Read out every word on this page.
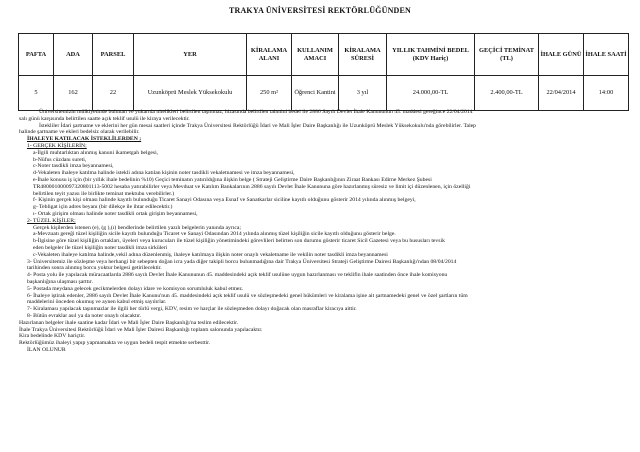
TRAKYA ÜNİVERSİTESİ REKTÖRLÜĞÜNDEN
PAFTA	ADA	PARSEL	YER	KİRALAMA ALANI	KULLANIM AMACI	KİRALAMA SÜRESİ	YILLIK TAHMİNİ BEDEL (KDV Hariç)	GEÇİCİ TEMİNAT (TL)	İHALE GÜNÜ	İHALE SAATİ
5	162	22	Uzunköprü Meslek Yüksekokulu	250 m²	Öğrenci Kantini	3 yıl	24.000,00-TL	2.400,00-TL	22/04/2014	14:00

Üniversitemizin mülkiyetinde bulunan ve yukarıda nitelikleri belirtilen taşınmaz, hizasında belirtilen tahmini bedel ile 2886 Sayılı Devlet İhale Kanununun 45. maddesi gereğince 22/04/2014

salı günü karşısında belirtilen saatte açık teklif usulü ile kiraya verilecektir.

İstekliler İdari şartname ve eklerini her gün mesai saatleri içinde Trakya Üniversitesi Rektörlüğü İdari ve Mali İşler Daire Başkanlığı ile Uzunköprü Meslek Yüksekokulu'nda görebilirler. Talep

halinde şartname ve ekleri bedelsiz olarak verilebilir.

İHALEYE KATILACAK İSTEKLİLERDEN ;

1- GERÇEK KİŞİLERİN;

a-İlgili muhtarlıktan alınmış kanuni ikametgah belgesi,

b-Nüfus cüzdanı sureti,

c-Noter tasdikli imza beyannamesi,

d-Vekaleten ihaleye katılma halinde istekli adına katılan kişinin noter tasdikli vekaletnamesi ve imza beyannamesi,

e-İhale konusu iş için (bir yıllık ihale bedelinin %10) Geçici teminatın yatırıldığına ilişkin belge ( Strateji Geliştirme Daire Başkanlığının Ziraat Bankası Edirne Merkez Şubesi

TR480001000097320801113-5002 hesaba yatırabilirler veya Mevduat ve Katılım Bankalarının 2886 sayılı Devlet İhale Kanununa göre hazırlanmış süresiz ve limit içi düzenlenen, için özelliği

belirtilen teyit yazısı ile birlikte teminat mektubu verebilirler.)

f- Kişinin gerçek kişi olması halinde kayıtlı bulunduğu Ticaret Sanayi Odasına veya Esnaf ve Sanatkarlar siciline kayıtlı olduğunu gösterir 2014 yılında alınmış belgeyi,

g- Tebligat için adres beyanı (bir dilekçe ile ihtar edilecektir.)

ı- Ortak girişim olması halinde noter tasdikli ortak girişim beyannamesi,

2- TÜZEL KİŞİLER;

Gerçek kişilerden istenen (e), (g ),(ı) bendlerinde belirtilen yazılı belgelerin yanında ayrıca;

a-Mevzuatı gereği tüzel kişiliğin sicile kayıtlı bulunduğu Ticaret ve Sanayi Odasından 2014 yılında alınmış tüzel kişiliğin sicile kayıtlı olduğunu gösterir belge.

b-İlgisine göre tüzel kişiliğin ortakları, üyeleri veya kurucuları ile tüzel kişiliğin yönetimindeki görevlileri belirten son durumu gösterir ticaret Sicil Gazetesi veya bu hususları tevsik

eden belgeler ile tüzel kişiliğin noter tasdikli imza sirküleri

c-Vekaleten ihaleye katılma halinde,vekil adına düzenlenmiş, ihaleye katılmaya ilişkin noter onaylı vekaletname ile vekilin noter tasdikli imza beyannamesi

3- Üniversitemiz ile sözleşme veya herhangi bir sebepten doğan icra yada diğer takipli borcu bulunmadığına dair Trakya Üniversitesi Strateji Geliştirme Dairesi Başkanlığı'ndan 08/04/2014

tarihinden sonra alınmış borcu yoktur belgesi getirilecektir.

4- Posta yolu ile yapılacak müracaatlarda 2886 sayılı Devlet İhale Kanununun 45. maddesindeki açık teklif usulüne uygun hazırlanması ve teklifin ihale saatinden önce ihale komisyonu

başkanlığına ulaşması şarttır.

5- Postada meydana gelecek gecikmelerden dolayı idare ve komisyon sorumluluk kabul etmez.

6- İhaleye iştirak edenler, 2886 sayılı Devlet İhale Kanunu'nun 45. maddesindeki açık teklif usulü ve sözleşmedeki genel hükümleri ve kiralama işine ait şartnamedeki genel ve özel şartların tüm

maddelerini önceden okumuş ve aynen kabul etmiş sayılırlar.

7- Kiralaması yapılacak taşınmazlar ile ilgili her türlü vergi, KDV, resim ve harçlar ile sözleşmeden dolayı doğacak olan masraflar kiracıya aittir.

8- Bütün evraklar asıl ya da noter onaylı olacaktır.

Hazırlanan belgeler ihale saatine kadar İdari ve Mali İşler Daire Başkanlığı'na teslim edilecektir.

İhale Trakya Üniversitesi Rektörlüğü İdari ve Mali İşler Dairesi Başkanlığı toplantı salonunda yapılacaktır.

Kira bedelinde KDV hariçtir.

Rektörlüğümüz ihaleyi yapıp yapmamakta ve uygun bedeli tespit etmekte serbesttir.

İLAN OLUNUR
